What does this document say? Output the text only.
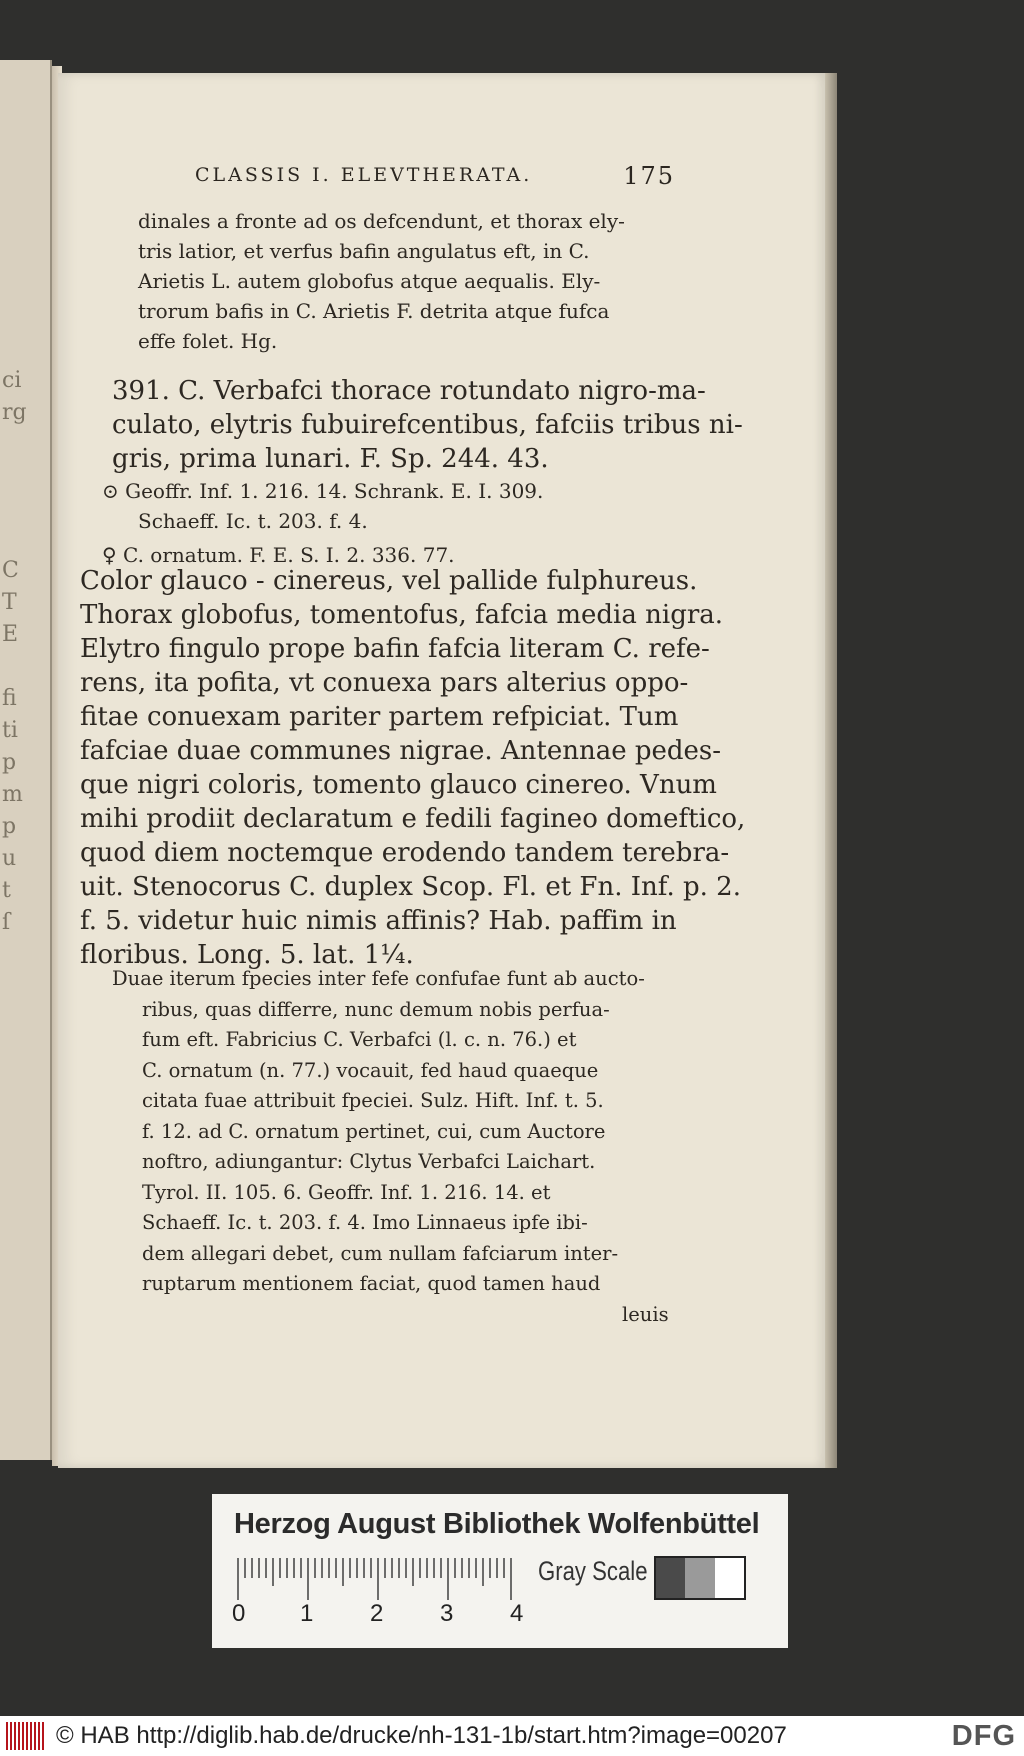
ci
rg
C
T
E
fi
ti
p
m
p
u
t
ſ
CLASSIS I. ELEVTHERATA.	175
dinales a fronte ad os defcendunt, et thorax ely-
tris latior, et verfus bafin angulatus eft, in C.
Arietis L. autem globofus atque aequalis. Ely-
trorum bafis in C. Arietis F. detrita atque fufca
effe folet. Hg.
391. C. Verbafci thorace rotundato nigro-ma-
culato, elytris fubuirefcentibus, fafciis tribus ni-
gris, prima lunari. F. Sp. 244. 43.
⊙ Geoffr. Inf. 1. 216. 14. Schrank. E. I. 309.
Schaeff. Ic. t. 203. f. 4.
♀ C. ornatum. F. E. S. I. 2. 336. 77.
Color glauco - cinereus, vel pallide fulphureus.
Thorax globofus, tomentofus, fafcia media nigra.
Elytro fingulo prope bafin fafcia literam C. refe-
rens, ita pofita, vt conuexa pars alterius oppo-
fitae conuexam pariter partem refpiciat. Tum
fafciae duae communes nigrae. Antennae pedes-
que nigri coloris, tomento glauco cinereo. Vnum
mihi prodiit declaratum e fedili fagineo domeftico,
quod diem noctemque erodendo tandem terebra-
uit. Stenocorus C. duplex Scop. Fl. et Fn. Inf. p. 2.
f. 5. videtur huic nimis affinis? Hab. paffim in
floribus. Long. 5. lat. 1¼.
Duae iterum fpecies inter fefe confufae funt ab aucto-
ribus, quas differre, nunc demum nobis perfua-
fum eft. Fabricius C. Verbafci (l. c. n. 76.) et
C. ornatum (n. 77.) vocauit, fed haud quaeque
citata fuae attribuit fpeciei. Sulz. Hift. Inf. t. 5.
f. 12. ad C. ornatum pertinet, cui, cum Auctore
noftro, adiungantur: Clytus Verbafci Laichart.
Tyrol. II. 105. 6. Geoffr. Inf. 1. 216. 14. et
Schaeff. Ic. t. 203. f. 4. Imo Linnaeus ipfe ibi-
dem allegari debet, cum nullam fafciarum inter-
ruptarum mentionem faciat, quod tamen haud
leuis
Herzog August Bibliothek Wolfenbüttel
0 1 2 3 4
Gray Scale
© HAB http://diglib.hab.de/drucke/nh-131-1b/start.htm?image=00207	DFG
